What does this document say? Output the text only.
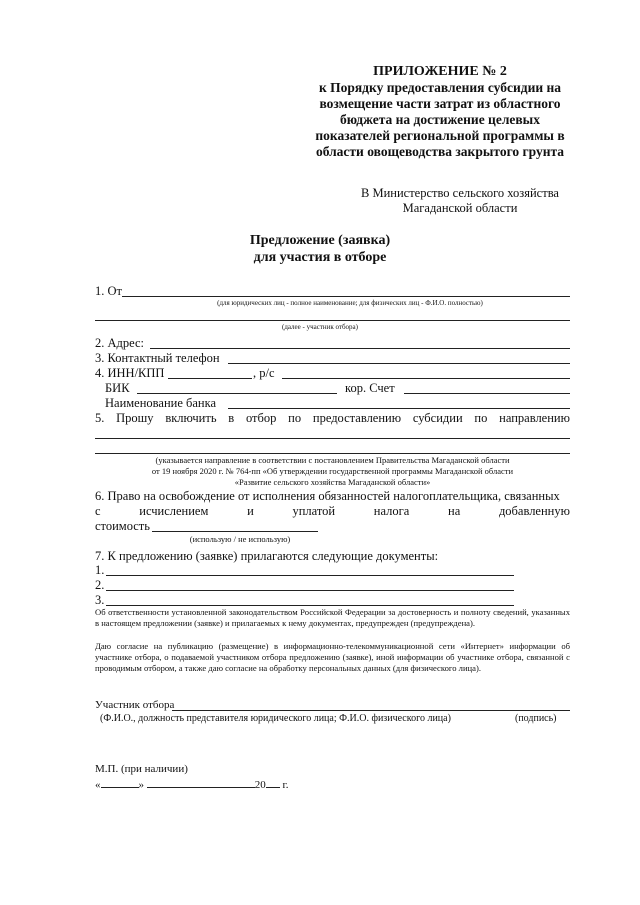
ПРИЛОЖЕНИЕ № 2
к Порядку предоставления субсидии на
возмещение части затрат из областного
бюджета на достижение целевых
показателей региональной программы в
области овощеводства закрытого грунта
В Министерство сельского хозяйства
Магаданской области
Предложение (заявка)
для участия в отборе
1. От
(для юридических лиц - полное наименование; для физических лиц - Ф.И.О. полностью)
(далее - участник отбора)
2. Адрес:
3. Контактный телефон
4. ИНН/КПП	, р/с
БИК	кор. Счет
Наименование банка
5. Прошу включить в отбор по предоставлению субсидии по направлению
(указывается направление в соответствии с постановлением Правительства Магаданской области
от 19 ноября 2020 г. № 764-пп «Об утверждении государственной программы Магаданской области
«Развитие сельского хозяйства Магаданской области»
6. Право на освобождение от исполнения обязанностей налогоплательщика, связанных
с	исчислением	и	уплатой	налога	на	добавленную
стоимость
(использую / не использую)
7. К предложению (заявке) прилагаются следующие документы:
1.
2.
3.
Об ответственности установленной законодательством Российской Федерации за достоверность и полноту сведений, указанных в настоящем предложении (заявке) и прилагаемых к нему документах, предупрежден (предупреждена).
Даю согласие на публикацию (размещение) в информационно-телекоммуникационной сети «Интернет» информации об участнике отбора, о подаваемой участником отбора предложению (заявке), иной информации об участнике отбора, связанной с проводимым отбором, а также даю согласие на обработку персональных данных (для физического лица).
Участник отбора
(Ф.И.О., должность представителя юридического лица; Ф.И.О. физического лица)	(подпись)
М.П. (при наличии)
«	»	20 г.
